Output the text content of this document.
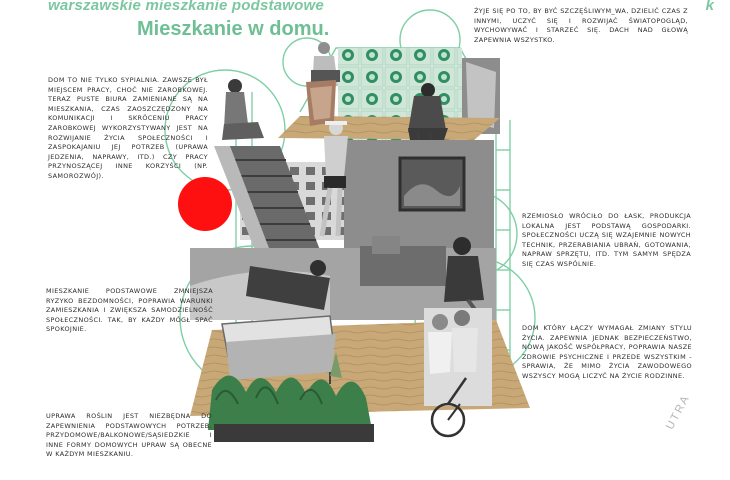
warszawskie mieszkanie podstawowe	k
Mieszkanie w domu.

DOM TO NIE TYLKO SYPIALNIA. ZAWSZE BYŁ MIEJSCEM PRACY, CHOĆ NIE ZAROBKOWEJ. TERAZ PUSTE BIURA ZAMIENIANE SĄ NA MIESZKANIA, CZAS ZAOSZCZĘDZONY NA KOMUNIKACJI I SKRÓCENIU PRACY ZAROBKOWEJ WYKORZYSTYWANY JEST NA ROZWIJANIE ŻYCIA SPOŁECZNOŚCI I ZASPOKAJANIU JEJ POTRZEB (UPRAWA JEDZENIA, NAPRAWY, ITD.) CZY PRACY PRZYNOSZĄCEJ INNE KORZYŚCI (NP. SAMOROZWÓJ).

ŻYJE SIĘ PO TO, BY BYĆ SZCZĘŚLIWYM_WA, DZIELIĆ CZAS Z INNYMI, UCZYĆ SIĘ I ROZWIJAĆ ŚWIATOPOGLĄD, WYCHOWYWAĆ I STARZEĆ SIĘ. DACH NAD GŁOWĄ ZAPEWNIA WSZYSTKO.

RZEMIOSŁO WRÓCIŁO DO ŁASK, PRODUKCJA LOKALNA JEST PODSTAWĄ GOSPODARKI. SPOŁECZNOŚCI UCZĄ SIĘ WZAJEMNIE NOWYCH TECHNIK, PRZERABIANIA UBRAŃ, GOTOWANIA, NAPRAW SPRZĘTU, ITD. TYM SAMYM SPĘDZA SIĘ CZAS WSPÓLNIE.

MIESZKANIE PODSTAWOWE ZMNIEJSZA RYZYKO BEZDOMNOŚCI, POPRAWIA WARUNKI ZAMIESZKANIA I ZWIĘKSZA SAMODZIELNOŚĆ SPOŁECZNOŚCI. TAK, BY KAŻDY MÓGŁ SPAĆ SPOKOJNIE.	DOM KTÓRY ŁĄCZY WYMAGAŁ ZMIANY STYLU ŻYCIA. ZAPEWNIA JEDNAK BEZPIECZEŃSTWO, NOWĄ JAKOŚĆ WSPÓŁPRACY, POPRAWIA NASZE ZDROWIE PSYCHICZNE I PRZEDE WSZYSTKIM - SPRAWIA, ŻE MIMO ŻYCIA ZAWODOWEGO WSZYSCY MOGĄ LICZYĆ NA ŻYCIE RODZINNE.

UPRAWA ROŚLIN JEST NIEZBĘDNA DO ZAPEWNIENIA PODSTAWOWYCH POTRZEB. PRZYDOMOWE/BALKONOWE/SĄSIEDZKIE I INNE FORMY DOMOWYCH UPRAW SĄ OBECNE W KAŻDYM MIESZKANIU.

UTRA
